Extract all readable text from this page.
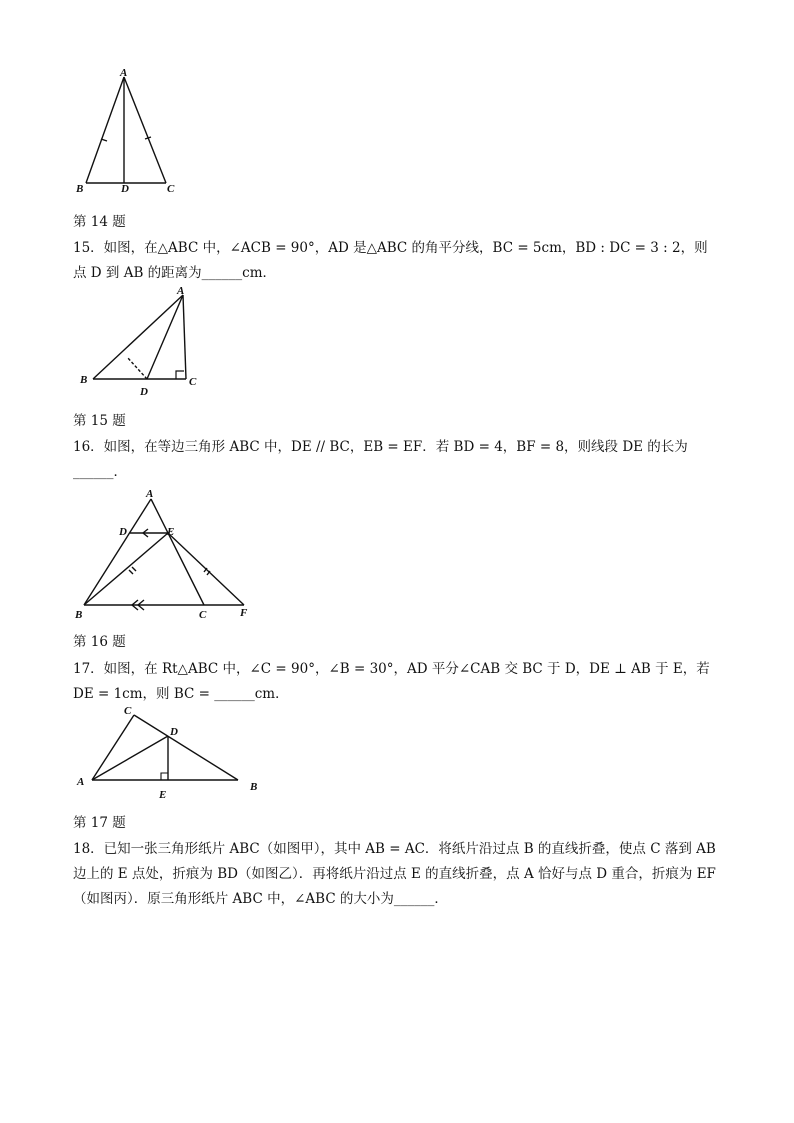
A
B	D	C
第 14 题
15．如图，在△ABC 中，∠ACB = 90°，AD 是△ABC 的角平分线，BC = 5cm，BD : DC = 3 : 2，则
点 D 到 AB 的距离为______cm．
A
B
D
C
第 15 题
16．如图，在等边三角形 ABC 中，DE // BC，EB = EF．若 BD = 4，BF = 8，则线段 DE 的长为
______．
A
D	E
B	C	F
第 16 题
17．如图，在 Rt△ABC 中，∠C = 90°，∠B = 30°，AD 平分∠CAB 交 BC 于 D，DE ⊥ AB 于 E，若
DE = 1cm，则 BC = ______cm．
C
D
A
E
B
第 17 题
18．已知一张三角形纸片 ABC（如图甲），其中 AB = AC．将纸片沿过点 B 的直线折叠，使点 C 落到 AB
边上的 E 点处，折痕为 BD（如图乙）．再将纸片沿过点 E 的直线折叠，点 A 恰好与点 D 重合，折痕为 EF
（如图丙）．原三角形纸片 ABC 中，∠ABC 的大小为______．
